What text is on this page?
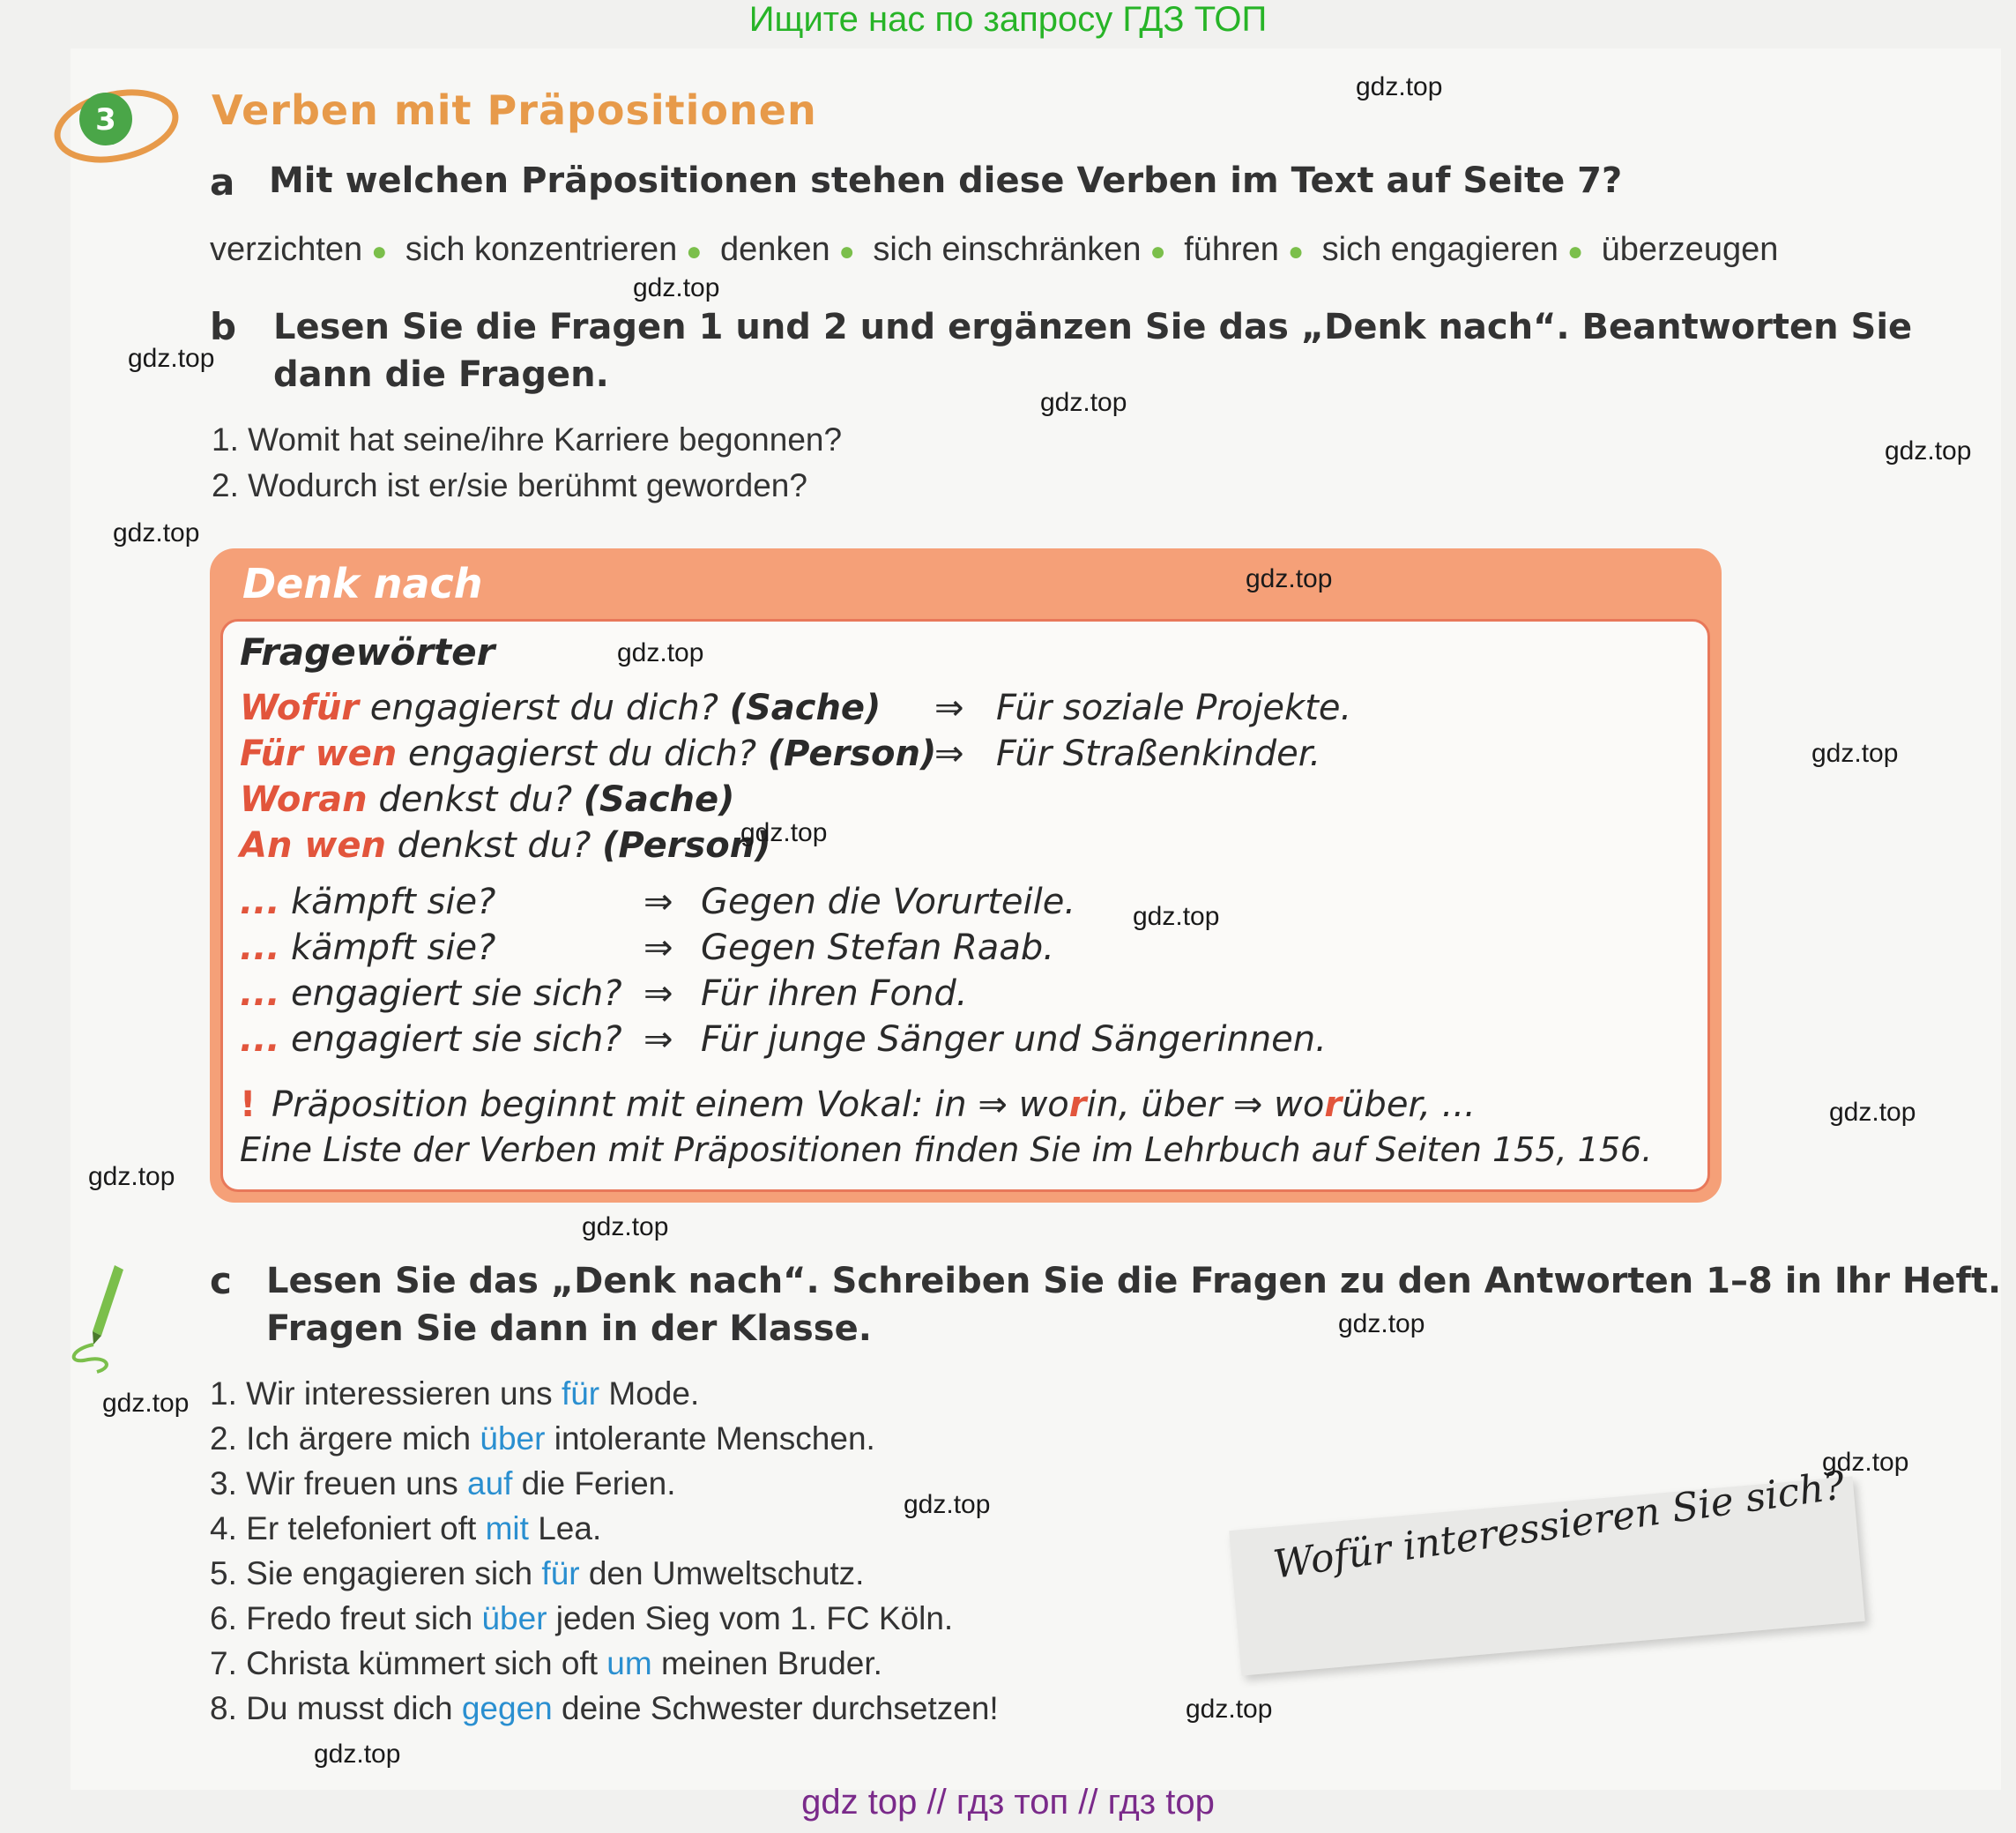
Ищите нас по запросу ГДЗ ТОП
3 Verben mit Präpositionen
a Mit welchen Präpositionen stehen diese Verben im Text auf Seite 7?
verzichten ● sich konzentrieren ● denken ● sich einschränken ● führen ● sich engagieren ● überzeugen
b Lesen Sie die Fragen 1 und 2 und ergänzen Sie das „Denk nach“. Beantworten Sie
dann die Fragen.
1. Womit hat seine/ihre Karriere begonnen?
2. Wodurch ist er/sie berühmt geworden?
Denk nach
Fragewörter
Wofür engagierst du dich? (Sache) ⇒ Für soziale Projekte.
Für wen engagierst du dich? (Person)
⇒ Für Straßenkinder.
Woran denkst du? (Sache)
An wen denkst du? (Person)
... kämpft sie?	⇒ Gegen die Vorurteile.
... kämpft sie?	⇒ Gegen Stefan Raab.
... engagiert sie sich? ⇒ Für ihren Fond.
... engagiert sie sich? ⇒ Für junge Sänger und Sängerinnen.
! Präposition beginnt mit einem Vokal: in ⇒ worin, über ⇒ worüber, ...
Eine Liste der Verben mit Präpositionen finden Sie im Lehrbuch auf Seiten 155, 156.
c Lesen Sie das „Denk nach“. Schreiben Sie die Fragen zu den Antworten 1–8 in Ihr Heft.
Fragen Sie dann in der Klasse.
1. Wir interessieren uns für Mode.
2. Ich ärgere mich über intolerante Menschen.
3. Wir freuen uns auf die Ferien.
4. Er telefoniert oft mit Lea.
5. Sie engagieren sich für den Umweltschutz.
6. Fredo freut sich über jeden Sieg vom 1. FC Köln.
7. Christa kümmert sich oft um meinen Bruder.
8. Du musst dich gegen deine Schwester durchsetzen!
Wofür interessieren Sie sich?
gdz.top
gdz.top
gdz.top
gdz.top
gdz.top
gdz.top
gdz.top
gdz.top
gdz.top
gdz.top
gdz.top
gdz.top
gdz.top
gdz.top
gdz.top
gdz.top
gdz.top
gdz.top
gdz.top
gdz.top
gdz top // гдз топ // гдз top
